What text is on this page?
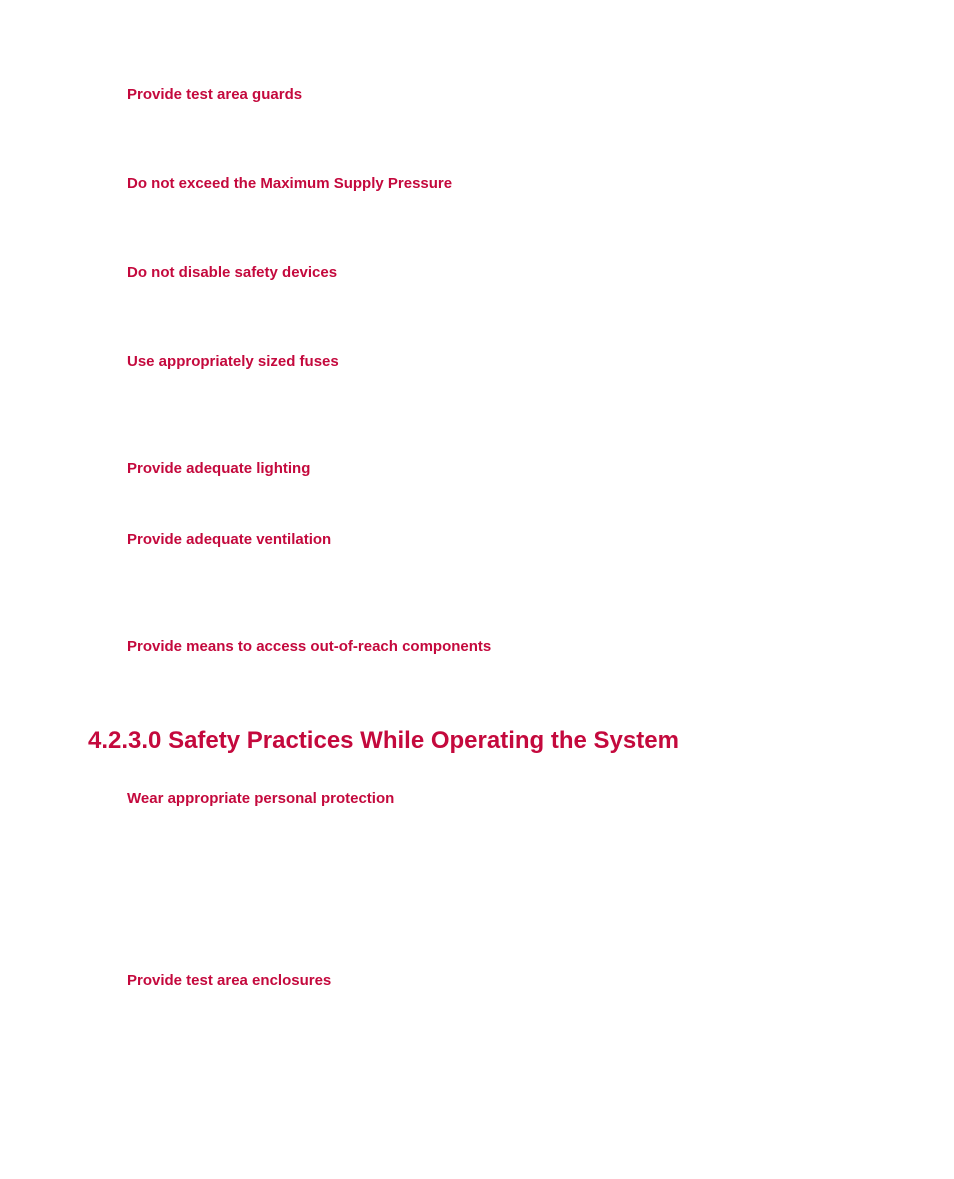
Provide test area guards
Do not exceed the Maximum Supply Pressure
Do not disable safety devices
Use appropriately sized fuses
Provide adequate lighting
Provide adequate ventilation
Provide means to access out-of-reach components
4.2.3.0 Safety Practices While Operating the System
Wear appropriate personal protection
Provide test area enclosures
